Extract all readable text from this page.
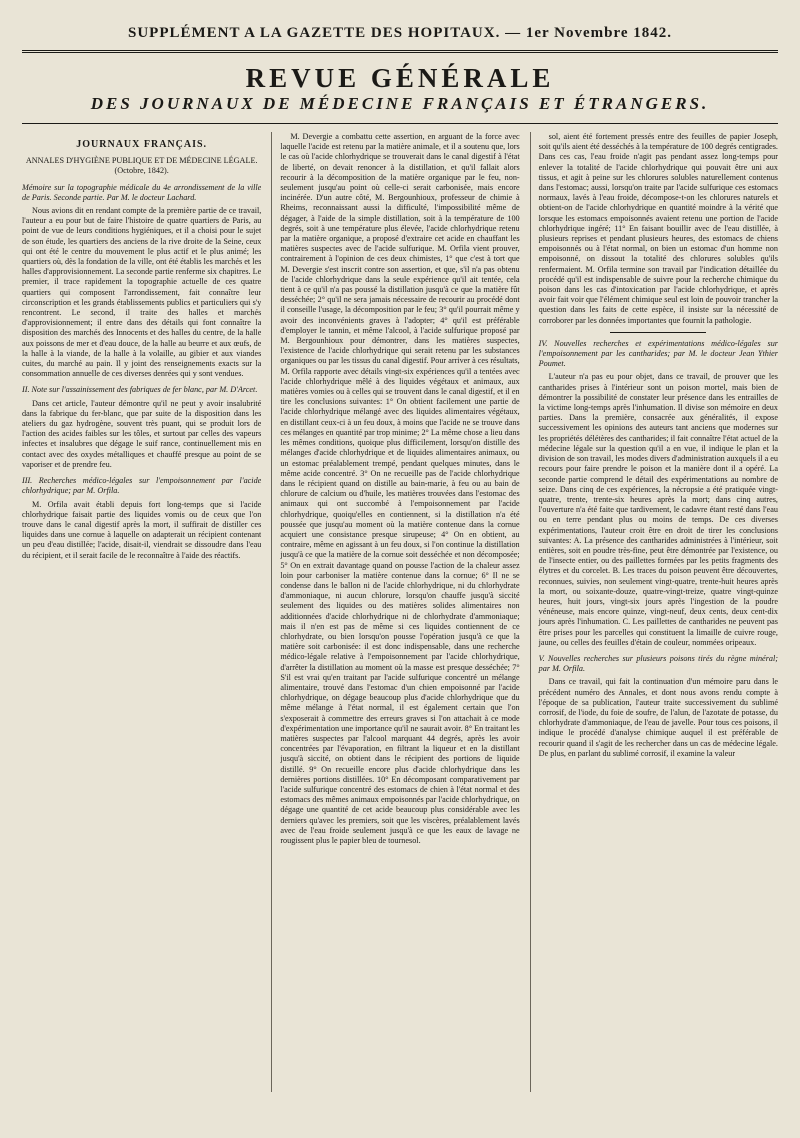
SUPPLÉMENT A LA GAZETTE DES HOPITAUX. — 1er Novembre 1842.
REVUE GÉNÉRALE
DES JOURNAUX DE MÉDECINE FRANÇAIS ET ÉTRANGERS.
JOURNAUX FRANÇAIS.
ANNALES D'HYGIÈNE PUBLIQUE ET DE MÉDECINE LÉGALE. (Octobre, 1842).
Mémoire sur la topographie médicale du 4e arrondissement de la ville de Paris. Seconde partie. Par M. le docteur Lachard.

Nous avions dit en rendant compte de la première partie de ce travail, l'auteur a eu pour but de faire l'histoire de quatre quartiers de Paris, au point de vue de leurs conditions hygiéniques, et il a choisi pour le sujet de son étude, les quartiers des anciens de la rive droite de la Seine, ceux qui ont été le centre du mouvement le plus actif et le plus animé; les quartiers où, dès la fondation de la ville, ont été établis les marchés et les halles d'approvisionnement. La seconde partie renferme six chapitres. Le premier, il trace rapidement la topographie actuelle de ces quatre quartiers qui composent l'arrondissement, fait connaître leur circonscription et les grands établissements publics et particuliers qui s'y rencontrent. Le second, il traite des halles et marchés d'approvisionnement; il entre dans des détails qui font connaître la disposition des marchés des Innocents et des halles du centre, de la halle aux poissons de mer et d'eau douce, de la halle au beurre et aux œufs, de la halle à la viande, de la halle à la volaille, au gibier et aux viandes cuites, du marché au pain. Il y joint des renseignements exacts sur la consommation annuelle de ces diverses denrées qui y sont vendues.

II. Note sur l'assainissement des fabriques de fer blanc, par M. D'Arcet.

Dans cet article, l'auteur démontre qu'il ne peut y avoir insalubrité dans la fabrique du fer-blanc, que par suite de la disposition dans les ateliers du gaz hydrogène, souvent très puant, qui se produit lors de l'action des acides faibles sur les tôles, et surtout par celles des vapeurs infectes et insalubres que dégage le suif rance, continuellement mis en contact avec des oxydes métalliques et chauffé presque au point de se vaporiser et de prendre feu.

III. Recherches médico-légales sur l'empoisonnement par l'acide chlorhydrique; par M. Orfila.

M. Orfila avait établi depuis fort long-temps que si l'acide chlorhydrique faisait partie des liquides vomis ou de ceux que l'on trouve dans le canal digestif après la mort, il suffirait de distiller ces liquides dans une cornue à laquelle on adapterait un récipient contenant un peu d'eau distillée; l'acide, disait-il, viendrait se dissoudre dans l'eau du récipient, et il serait facile de le reconnaître à l'aide des réactifs.

M. Devergie a combattu cette assertion, en arguant de la force avec laquelle l'acide est retenu par la matière animale, et il a soutenu que, lors le cas où l'acide chlorhydrique se trouverait dans le canal digestif à l'état de liberté, on devait renoncer à la distillation, et qu'il fallait alors recourir à la décomposition de la matière organique par le feu, non-seulement jusqu'au point où celle-ci serait carbonisée, mais encore incinérée. D'un autre côté, M. Bergounhioux, professeur de chimie à Rheims, reconnaissant aussi la difficulté, l'impossibilité même de dégager, à l'aide de la simple distillation, soit à la température de 100 degrés, soit à une température plus élevée, l'acide chlorhydrique retenu par la matière organique, a proposé d'extraire cet acide en chauffant les matières suspectes avec de l'acide sulfurique. M. Orfila vient prouver, contrairement à l'opinion de ces deux chimistes, 1° que c'est à tort que M. Devergie s'est inscrit contre son assertion, et que, s'il n'a pas obtenu de l'acide chlorhydrique dans la seule expérience qu'il ait tentée, cela tient à ce qu'il n'a pas poussé la distillation jusqu'à ce que la matière fût desséchée; 2° qu'il ne sera jamais nécessaire de recourir au procédé dont il conseille l'usage, la décomposition par le feu; 3° qu'il pourrait même y avoir des inconvénients graves à l'adopter; 4° qu'il est préférable d'employer le tannin, et même l'alcool, à l'acide sulfurique proposé par M. Bergounhioux pour démontrer, dans les matières suspectes, l'existence de l'acide chlorhydrique qui serait retenu par les substances organiques ou par les tissus du canal digestif. Pour arriver à ces résultats, M. Orfila rapporte avec détails vingt-six expériences qu'il a tentées avec l'acide chlorhydrique mêlé à des liquides végétaux et animaux, aux matières vomies ou à celles qui se trouvent dans le canal digestif, et il en tire les conclusions suivantes: 1° On obtient facilement une partie de l'acide chlorhydrique mélangé avec des liquides alimentaires végétaux, en distillant ceux-ci à un feu doux, à moins que l'acide ne se trouve dans ces mélanges en quantité par trop minime; 2° La même chose a lieu dans les mêmes conditions, quoique plus difficilement, lorsqu'on distille des mélanges d'acide chlorhydrique et de liquides alimentaires animaux, ou un estomac préalablement trempé, pendant quelques minutes, dans le même acide concentré. 3° On ne recueille pas de l'acide chlorhydrique dans le récipient quand on distille au bain-marie, à feu ou au bain de chlorure de calcium ou d'huile, les matières trouvées dans l'estomac des animaux qui ont succombé à l'empoisonnement par l'acide chlorhydrique, quoiqu'elles en contiennent, si la distillation n'a été poussée que jusqu'au moment où la matière contenue dans la cornue acquiert une consistance presque sirupeuse; 4° On en obtient, au contraire, même en agissant à un feu doux, si l'on continue la distillation jusqu'à ce que la matière de la cornue soit desséchée et non décomposée; 5° On en extrait davantage quand on pousse l'action de la chaleur assez loin pour carboniser la matière contenue dans la cornue; 6° Il ne se condense dans le ballon ni de l'acide chlorhydrique, ni du chlorhydrate d'ammoniaque, ni aucun chlorure, lorsqu'on chauffe jusqu'à siccité seulement des liquides ou des matières solides alimentaires non additionnées d'acide chlorhydrique ni de chlorhydrate d'ammoniaque; mais il n'en est pas de même si ces liquides contiennent de ce chlorhydrate, ou bien lorsqu'on pousse l'opération jusqu'à ce que la matière soit carbonisée: il est donc indispensable, dans une recherche médico-légale relative à l'empoisonnement par l'acide chlorhydrique, d'arrêter la distillation au moment où la masse est presque desséchée; 7° S'il est vrai qu'en traitant par l'acide sulfurique concentré un mélange alimentaire, trouvé dans l'estomac d'un chien empoisonné par l'acide chlorhydrique, on dégage beaucoup plus d'acide chlorhydrique que du même mélange à l'état normal, il est également certain que l'on s'exposerait à commettre des erreurs graves si l'on attachait à ce mode d'expérimentation une importance qu'il ne saurait avoir. 8° En traitant les matières suspectes par l'alcool marquant 44 degrés, après les avoir concentrées par l'évaporation, en filtrant la liqueur et en la distillant jusqu'à siccité, on obtient dans le récipient des portions de liquide distillé. 9° On recueille encore plus d'acide chlorhydrique dans les dernières portions distillées. 10° En décomposant comparativement par l'acide sulfurique concentré des estomacs de chien à l'état normal et des estomacs des mêmes animaux empoisonnés par l'acide chlorhydrique, on dégage une quantité de cet acide beaucoup plus considérable avec les derniers qu'avec les premiers, soit que les viscères, préalablement lavés avec de l'eau froide seulement jusqu'à ce que les eaux de lavage ne rougissent plus le papier bleu de tournesol.

sol, aient été fortement pressés entre des feuilles de papier Joseph, soit qu'ils aient été desséchés à la température de 100 degrés centigrades. Dans ces cas, l'eau froide n'agit pas pendant assez long-temps pour enlever la totalité de l'acide chlorhydrique qui pouvait être uni aux tissus, et agit à peine sur les chlorures solubles naturellement contenus dans l'estomac; aussi, lorsqu'on traite par l'acide sulfurique ces estomacs normaux, lavés à l'eau froide, décompose-t-on les chlorures naturels et obtient-on de l'acide chlorhydrique en quantité moindre à la vérité que lorsque les estomacs empoisonnés avaient retenu une portion de l'acide chlorhydrique ingéré; 11° En faisant bouillir avec de l'eau distillée, à plusieurs reprises et pendant plusieurs heures, des estomacs de chiens empoisonnés ou à l'état normal, on bien un estomac d'un homme non empoisonné, on dissout la totalité des chlorures solubles qu'ils renfermaient. M. Orfila termine son travail par l'indication détaillée du procédé qu'il est indispensable de suivre pour la recherche chimique du poison dans les cas d'intoxication par l'acide chlorhydrique, et après avoir fait voir que l'élément chimique seul est loin de pouvoir trancher la question dans les faits de cette espèce, il insiste sur la nécessité de corroborer par les données importantes que fournit la pathologie.

IV. Nouvelles recherches et expérimentations médico-légales sur l'empoisonnement par les cantharides; par M. le docteur Jean Ythier Poumet.

L'auteur n'a pas eu pour objet, dans ce travail, de prouver que les cantharides prises à l'intérieur sont un poison mortel, mais bien de démontrer la possibilité de constater leur présence dans les entrailles de la victime long-temps après l'inhumation. Il divise son mémoire en deux parties. Dans la première, consacrée aux généralités, il expose successivement les opinions des auteurs tant anciens que modernes sur les propriétés délétères des cantharides; il fait connaître l'état actuel de la médecine légale sur la question qu'il a en vue, il indique le plan et la division de son travail, les modes divers d'administration auxquels il a eu recours pour faire prendre le poison et la manière dont il a opéré. La seconde partie comprend le détail des expérimentations au nombre de seize. Dans cinq de ces expériences, la nécropsie a été pratiquée vingt-quatre, trente, trente-six heures après la mort; dans cinq autres, l'ouverture n'a été faite que tardivement, le cadavre étant resté dans l'eau ou en terre pendant plus ou moins de temps. De ces diverses expérimentations, l'auteur croit être en droit de tirer les conclusions suivantes: A. La présence des cantharides administrées à l'intérieur, soit entières, soit en poudre très-fine, peut être démontrée par l'existence, ou de l'insecte entier, ou des paillettes formées par les petits fragments des élytres et du corcelet. B. Les traces du poison peuvent être découvertes, reconnues, suivies, non seulement vingt-quatre, trente-huit heures après la mort, ou soixante-douze, quatre-vingt-treize, quatre vingt-quinze heures, huit jours, vingt-six jours après l'ingestion de la poudre vénéneuse, mais encore quinze, vingt-neuf, deux cents, deux cent-dix jours après l'inhumation. C. Les paillettes de cantharides ne peuvent pas être prises pour les parcelles qui constituent la limaille de cuivre rouge, jaune, ou celles des feuilles d'étain de couleur, nommées oripeaux.

V. Nouvelles recherches sur plusieurs poisons tirés du règne minéral; par M. Orfila.

Dans ce travail, qui fait la continuation d'un mémoire paru dans le précédent numéro des Annales, et dont nous avons rendu compte à l'époque de sa publication, l'auteur traite successivement du sublimé corrosif, de l'iode, du foie de soufre, de l'alun, de l'azotate de potasse, du chlorhydrate d'ammoniaque, de l'eau de javelle. Pour tous ces poisons, il indique le procédé d'analyse chimique auquel il est préférable de recourir quand il s'agit de les rechercher dans un cas de médecine légale. De plus, en parlant du sublimé corrosif, il examine la valeur
